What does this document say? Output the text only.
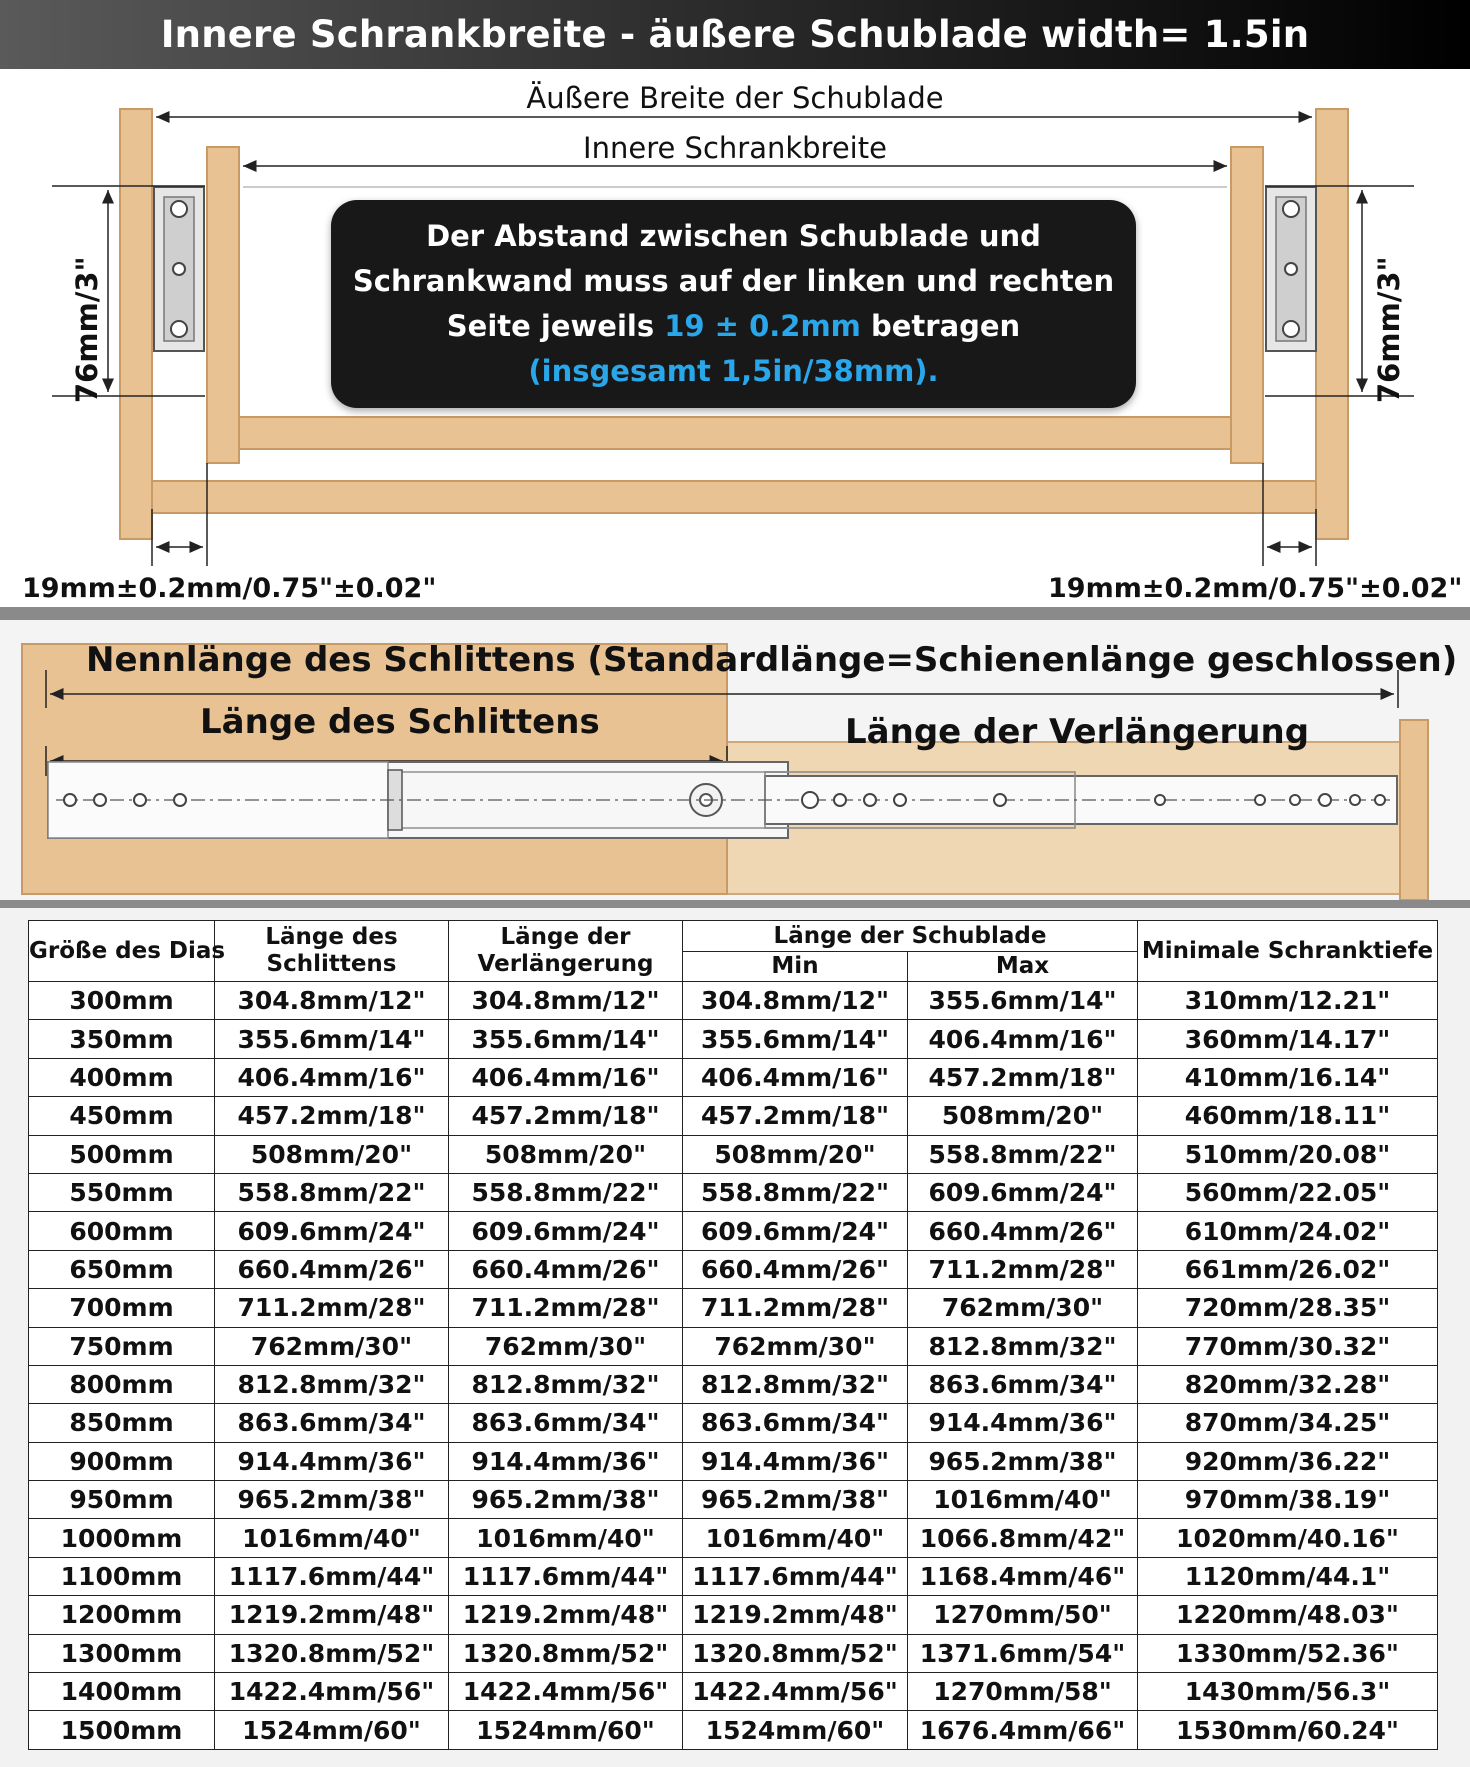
Innere Schrankbreite - äußere Schublade width= 1.5in
Äußere Breite der Schublade
Innere Schrankbreite
76mm/3"	76mm/3"
19mm±0.2mm/0.75"±0.02"	19mm±0.2mm/0.75"±0.02"
Der Abstand zwischen Schublade und
Schrankwand muss auf der linken und rechten
Seite jeweils 19 ± 0.2mm betragen
(insgesamt 1,5in/38mm).
Nennlänge des Schlittens (Standardlänge=Schienenlänge geschlossen)
Länge des Schlittens	Länge der Verlängerung
Größe des Dias	Länge des Schlittens	Länge der Verlängerung	Länge der Schublade		Minimale Schranktiefe
			Min	Max	
300mm	304.8mm/12"	304.8mm/12"	304.8mm/12"	355.6mm/14"	310mm/12.21"
350mm	355.6mm/14"	355.6mm/14"	355.6mm/14"	406.4mm/16"	360mm/14.17"
400mm	406.4mm/16"	406.4mm/16"	406.4mm/16"	457.2mm/18"	410mm/16.14"
450mm	457.2mm/18"	457.2mm/18"	457.2mm/18"	508mm/20"	460mm/18.11"
500mm	508mm/20"	508mm/20"	508mm/20"	558.8mm/22"	510mm/20.08"
550mm	558.8mm/22"	558.8mm/22"	558.8mm/22"	609.6mm/24"	560mm/22.05"
600mm	609.6mm/24"	609.6mm/24"	609.6mm/24"	660.4mm/26"	610mm/24.02"
650mm	660.4mm/26"	660.4mm/26"	660.4mm/26"	711.2mm/28"	661mm/26.02"
700mm	711.2mm/28"	711.2mm/28"	711.2mm/28"	762mm/30"	720mm/28.35"
750mm	762mm/30"	762mm/30"	762mm/30"	812.8mm/32"	770mm/30.32"
800mm	812.8mm/32"	812.8mm/32"	812.8mm/32"	863.6mm/34"	820mm/32.28"
850mm	863.6mm/34"	863.6mm/34"	863.6mm/34"	914.4mm/36"	870mm/34.25"
900mm	914.4mm/36"	914.4mm/36"	914.4mm/36"	965.2mm/38"	920mm/36.22"
950mm	965.2mm/38"	965.2mm/38"	965.2mm/38"	1016mm/40"	970mm/38.19"
1000mm	1016mm/40"	1016mm/40"	1016mm/40"	1066.8mm/42"	1020mm/40.16"
1100mm	1117.6mm/44"	1117.6mm/44"	1117.6mm/44"	1168.4mm/46"	1120mm/44.1"
1200mm	1219.2mm/48"	1219.2mm/48"	1219.2mm/48"	1270mm/50"	1220mm/48.03"
1300mm	1320.8mm/52"	1320.8mm/52"	1320.8mm/52"	1371.6mm/54"	1330mm/52.36"
1400mm	1422.4mm/56"	1422.4mm/56"	1422.4mm/56"	1270mm/58"	1430mm/56.3"
1500mm	1524mm/60"	1524mm/60"	1524mm/60"	1676.4mm/66"	1530mm/60.24"
